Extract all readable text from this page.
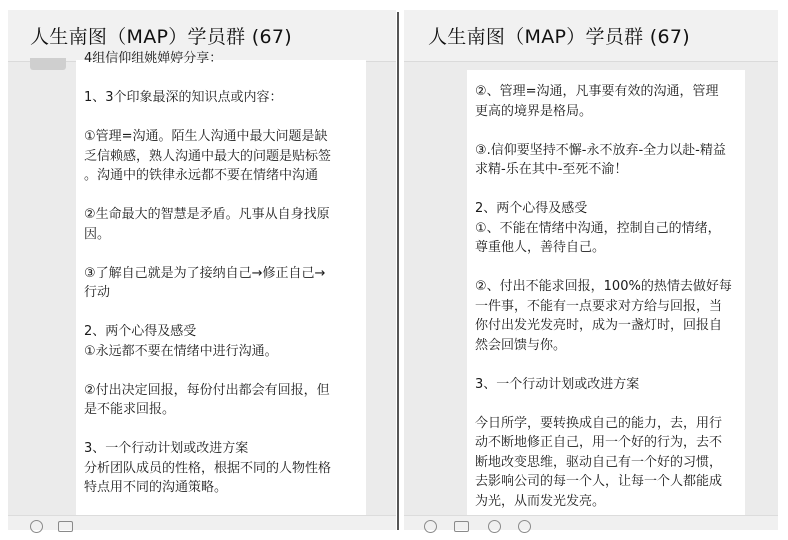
人生南图（MAP）学员群 (67)
4组信仰组姚婵婷分享：
1、3个印象最深的知识点或内容：
①管理=沟通。陌生人沟通中最大问题是缺
乏信赖感，熟人沟通中最大的问题是贴标签
。沟通中的铁律永远都不要在情绪中沟通
②生命最大的智慧是矛盾。凡事从自身找原
因。
③了解自己就是为了接纳自己→修正自己→
行动
2、两个心得及感受
①永远都不要在情绪中进行沟通。
②付出决定回报，每份付出都会有回报，但
是不能求回报。
3、一个行动计划或改进方案
分析团队成员的性格，根据不同的人物性格
特点用不同的沟通策略。
人生南图（MAP）学员群 (67)
②、管理=沟通，凡事要有效的沟通，管理
更高的境界是格局。
③.信仰要坚持不懈-永不放弃-全力以赴-精益
求精-乐在其中-至死不渝！
2、两个心得及感受
①、不能在情绪中沟通，控制自己的情绪，
尊重他人，善待自己。
②、付出不能求回报，100%的热情去做好每
一件事，不能有一点要求对方给与回报，当
你付出发光发亮时，成为一盏灯时，回报自
然会回馈与你。
3、一个行动计划或改进方案
今日所学，要转换成自己的能力，去，用行
动不断地修正自己，用一个好的行为，去不
断地改变思维，驱动自己有一个好的习惯，
去影响公司的每一个人，让每一个人都能成
为光，从而发光发亮。
